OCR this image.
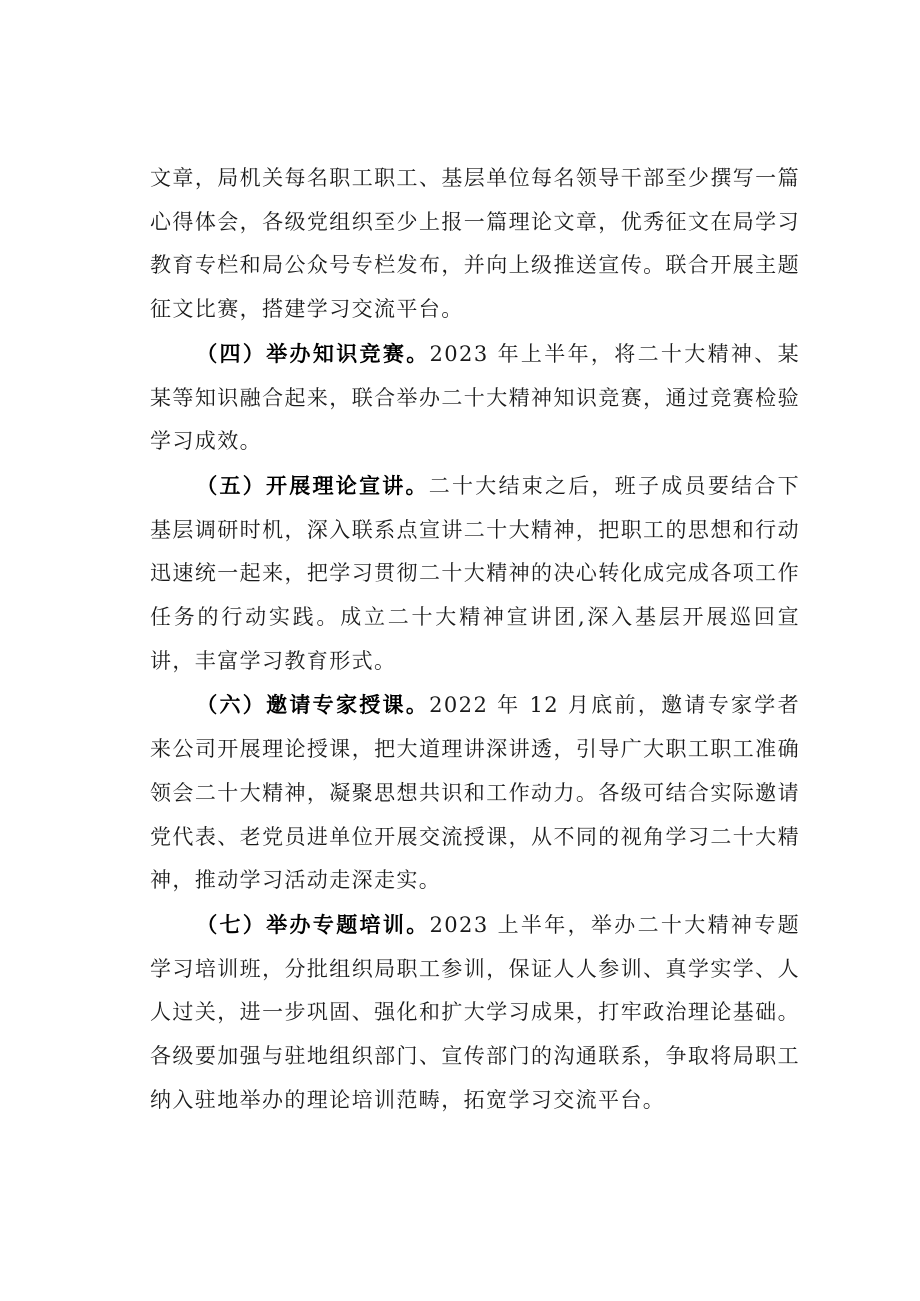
文章，局机关每名职工职工、基层单位每名领导干部至少撰写一篇心得体会，各级党组织至少上报一篇理论文章，优秀征文在局学习教育专栏和局公众号专栏发布，并向上级推送宣传。联合开展主题征文比赛，搭建学习交流平台。

（四）举办知识竞赛。2023 年上半年，将二十大精神、某某等知识融合起来，联合举办二十大精神知识竞赛，通过竞赛检验学习成效。

（五）开展理论宣讲。二十大结束之后，班子成员要结合下基层调研时机，深入联系点宣讲二十大精神，把职工的思想和行动迅速统一起来，把学习贯彻二十大精神的决心转化成完成各项工作任务的行动实践。成立二十大精神宣讲团,深入基层开展巡回宣讲，丰富学习教育形式。

（六）邀请专家授课。2022 年 12 月底前，邀请专家学者来公司开展理论授课，把大道理讲深讲透，引导广大职工职工准确领会二十大精神，凝聚思想共识和工作动力。各级可结合实际邀请党代表、老党员进单位开展交流授课，从不同的视角学习二十大精神，推动学习活动走深走实。

（七）举办专题培训。2023 上半年，举办二十大精神专题学习培训班，分批组织局职工参训，保证人人参训、真学实学、人人过关，进一步巩固、强化和扩大学习成果，打牢政治理论基础。各级要加强与驻地组织部门、宣传部门的沟通联系，争取将局职工纳入驻地举办的理论培训范畴，拓宽学习交流平台。
